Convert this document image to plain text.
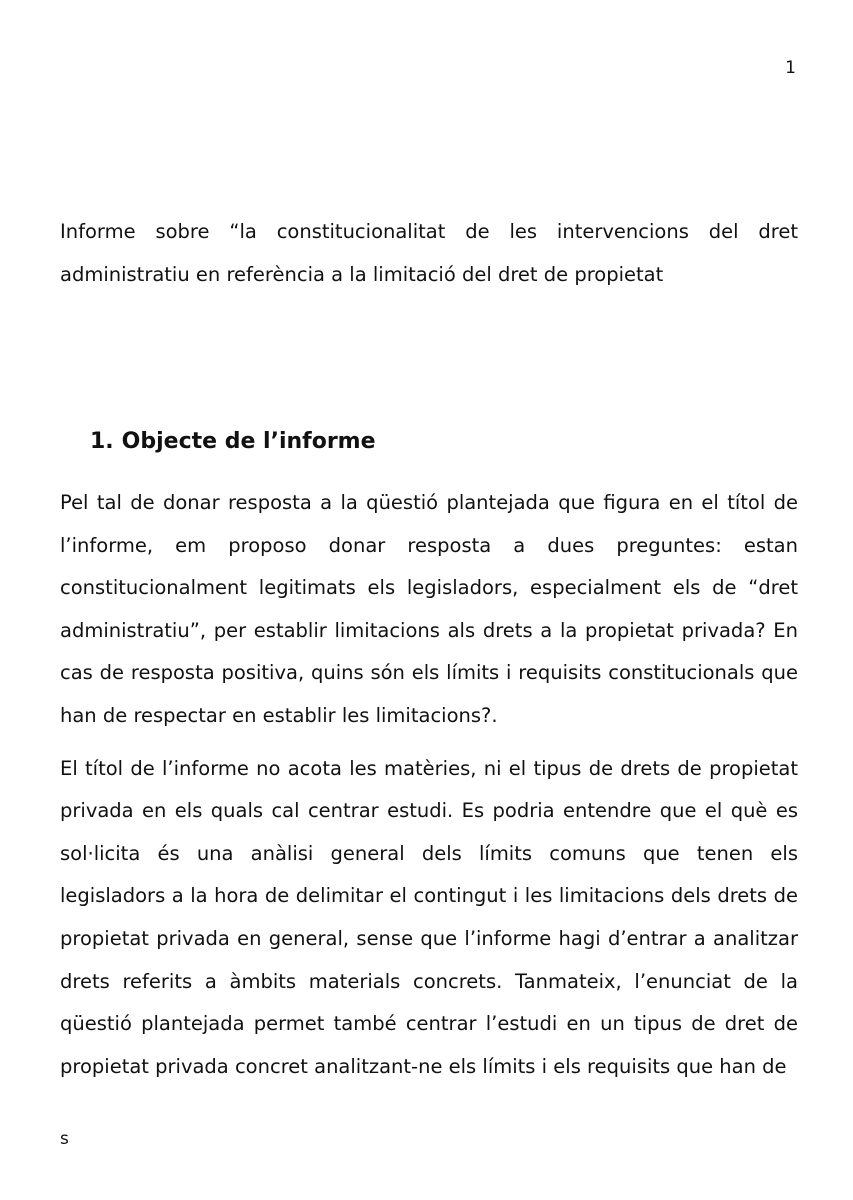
1

Informe sobre “la constitucionalitat de les intervencions del dret administratiu en referència a la limitació del dret de propietat

1. Objecte de l’informe

Pel tal de donar resposta a la qüestió plantejada que figura en el títol de l’informe, em proposo donar resposta a dues preguntes: estan constitucionalment legitimats els legisladors, especialment els de “dret administratiu”, per establir limitacions als drets a la propietat privada? En cas de resposta positiva, quins són els límits i requisits constitucionals que han de respectar en establir les limitacions?.

El títol de l’informe no acota les matèries, ni el tipus de drets de propietat privada en els quals cal centrar estudi. Es podria entendre que el què es sol·licita és una anàlisi general dels límits comuns que tenen els legisladors a la hora de delimitar el contingut i les limitacions dels drets de propietat privada en general, sense que l’informe hagi d’entrar a analitzar drets referits a àmbits materials concrets. Tanmateix, l’enunciat de la qüestió plantejada permet també centrar l’estudi en un tipus de dret de propietat privada concret analitzant-ne els límits i els requisits que han de

s
